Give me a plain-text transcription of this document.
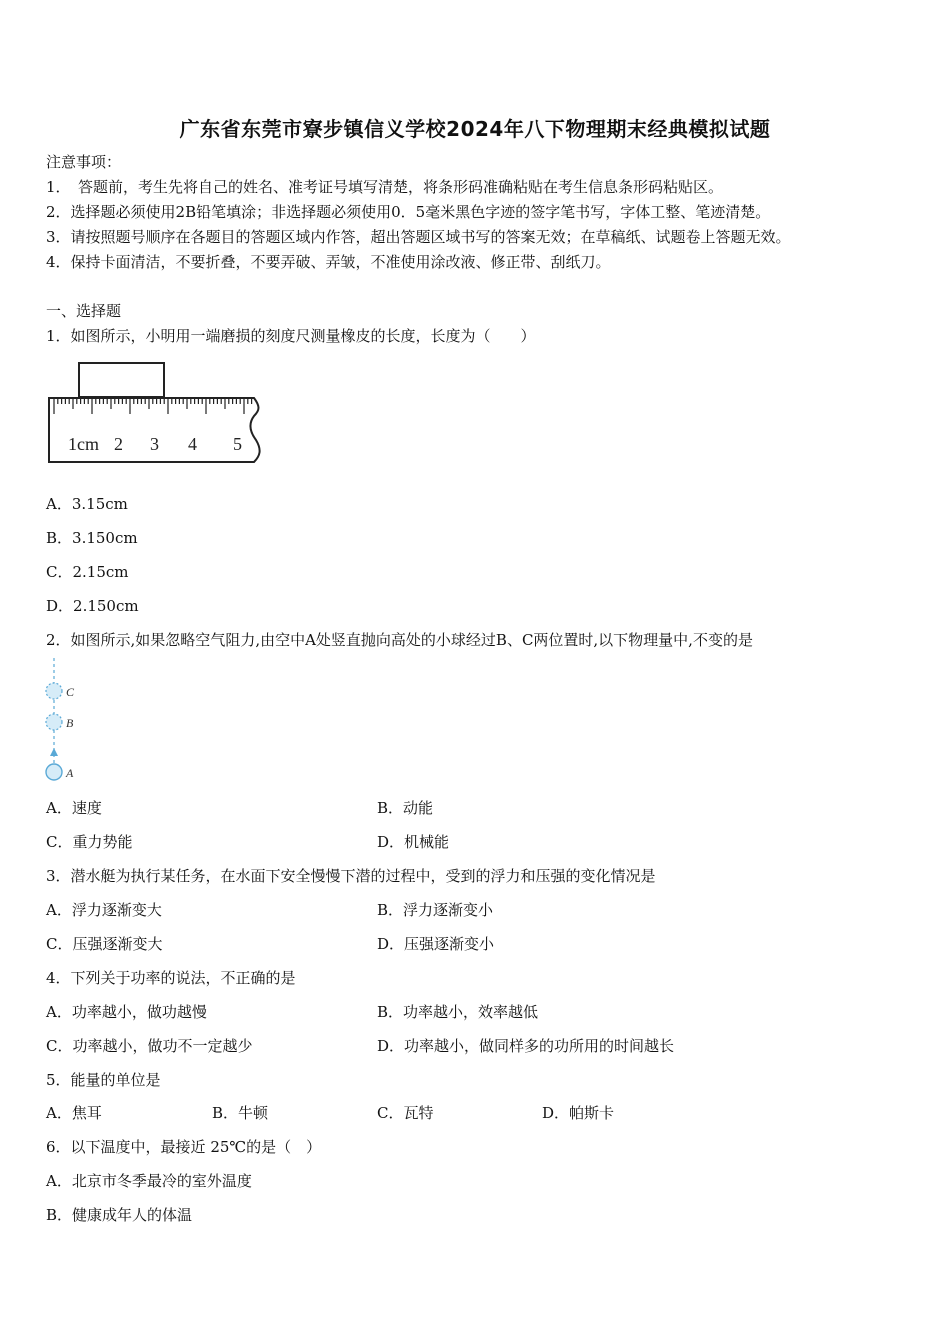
广东省东莞市寮步镇信义学校2024年八下物理期末经典模拟试题
注意事项：
1．　答题前，考生先将自己的姓名、准考证号填写清楚，将条形码准确粘贴在考生信息条形码粘贴区。
2．选择题必须使用2B铅笔填涂；非选择题必须使用0．5毫米黑色字迹的签字笔书写，字体工整、笔迹清楚。
3．请按照题号顺序在各题目的答题区域内作答，超出答题区域书写的答案无效；在草稿纸、试题卷上答题无效。
4．保持卡面清洁，不要折叠，不要弄破、弄皱，不准使用涂改液、修正带、刮纸刀。
一、选择题
1．如图所示，小明用一端磨损的刻度尺测量橡皮的长度，长度为（　　）
1cm 2 3 4 5
A．3.15cm
B．3.150cm
C．2.15cm
D．2.150cm
2．如图所示,如果忽略空气阻力,由空中A处竖直抛向高处的小球经过B、C两位置时,以下物理量中,不变的是
C
B
A
A．速度	B．动能
C．重力势能	D．机械能
3．潜水艇为执行某任务，在水面下安全慢慢下潜的过程中，受到的浮力和压强的变化情况是
A．浮力逐渐变大	B．浮力逐渐变小
C．压强逐渐变大	D．压强逐渐变小
4．下列关于功率的说法，不正确的是
A．功率越小，做功越慢	B．功率越小，效率越低
C．功率越小，做功不一定越少	D．功率越小，做同样多的功所用的时间越长
5．能量的单位是
A．焦耳	B．牛顿	C．瓦特	D．帕斯卡
6．以下温度中，最接近 25℃的是（　）
A．北京市冬季最冷的室外温度
B．健康成年人的体温
